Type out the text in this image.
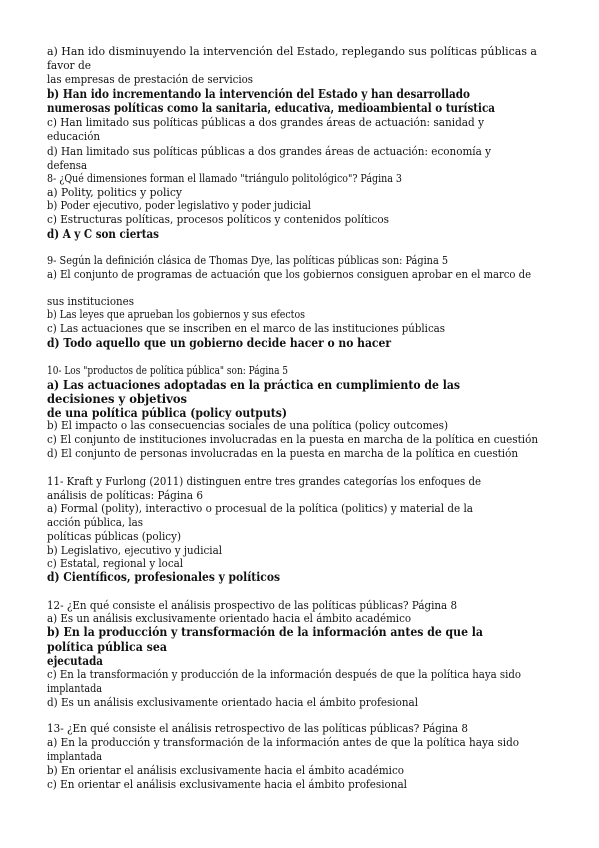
a) Han ido disminuyendo la intervención del Estado, replegando sus políticas públicas a
favor de
las empresas de prestación de servicios
b) Han ido incrementando la intervención del Estado y han desarrollado
numerosas políticas como la sanitaria, educativa, medioambiental o turística
c) Han limitado sus políticas públicas a dos grandes áreas de actuación: sanidad y
educación
d) Han limitado sus políticas públicas a dos grandes áreas de actuación: economía y
defensa
8- ¿Qué dimensiones forman el llamado "triángulo politológico"? Página 3
a) Polity, politics y policy
b) Poder ejecutivo, poder legislativo y poder judicial
c) Estructuras políticas, procesos políticos y contenidos políticos
d) A y C son ciertas
9- Según la definición clásica de Thomas Dye, las políticas públicas son: Página 5
a) El conjunto de programas de actuación que los gobiernos consiguen aprobar en el marco de
sus instituciones
b) Las leyes que aprueban los gobiernos y sus efectos
c) Las actuaciones que se inscriben en el marco de las instituciones públicas
d) Todo aquello que un gobierno decide hacer o no hacer
10- Los "productos de política pública" son: Página 5
a) Las actuaciones adoptadas en la práctica en cumplimiento de las
decisiones y objetivos
de una política pública (policy outputs)
b) El impacto o las consecuencias sociales de una política (policy outcomes)
c) El conjunto de instituciones involucradas en la puesta en marcha de la política en cuestión
d) El conjunto de personas involucradas en la puesta en marcha de la política en cuestión
11- Kraft y Furlong (2011) distinguen entre tres grandes categorías los enfoques de
análisis de políticas: Página 6
a) Formal (polity), interactivo o procesual de la política (politics) y material de la
acción pública, las
políticas públicas (policy)
b) Legislativo, ejecutivo y judicial
c) Estatal, regional y local
d) Científicos, profesionales y políticos
12- ¿En qué consiste el análisis prospectivo de las políticas públicas? Página 8
a) Es un análisis exclusivamente orientado hacia el ámbito académico
b) En la producción y transformación de la información antes de que la
política pública sea
ejecutada
c) En la transformación y producción de la información después de que la política haya sido
implantada
d) Es un análisis exclusivamente orientado hacia el ámbito profesional
13- ¿En qué consiste el análisis retrospectivo de las políticas públicas? Página 8
a) En la producción y transformación de la información antes de que la política haya sido
implantada
b) En orientar el análisis exclusivamente hacia el ámbito académico
c) En orientar el análisis exclusivamente hacia el ámbito profesional
